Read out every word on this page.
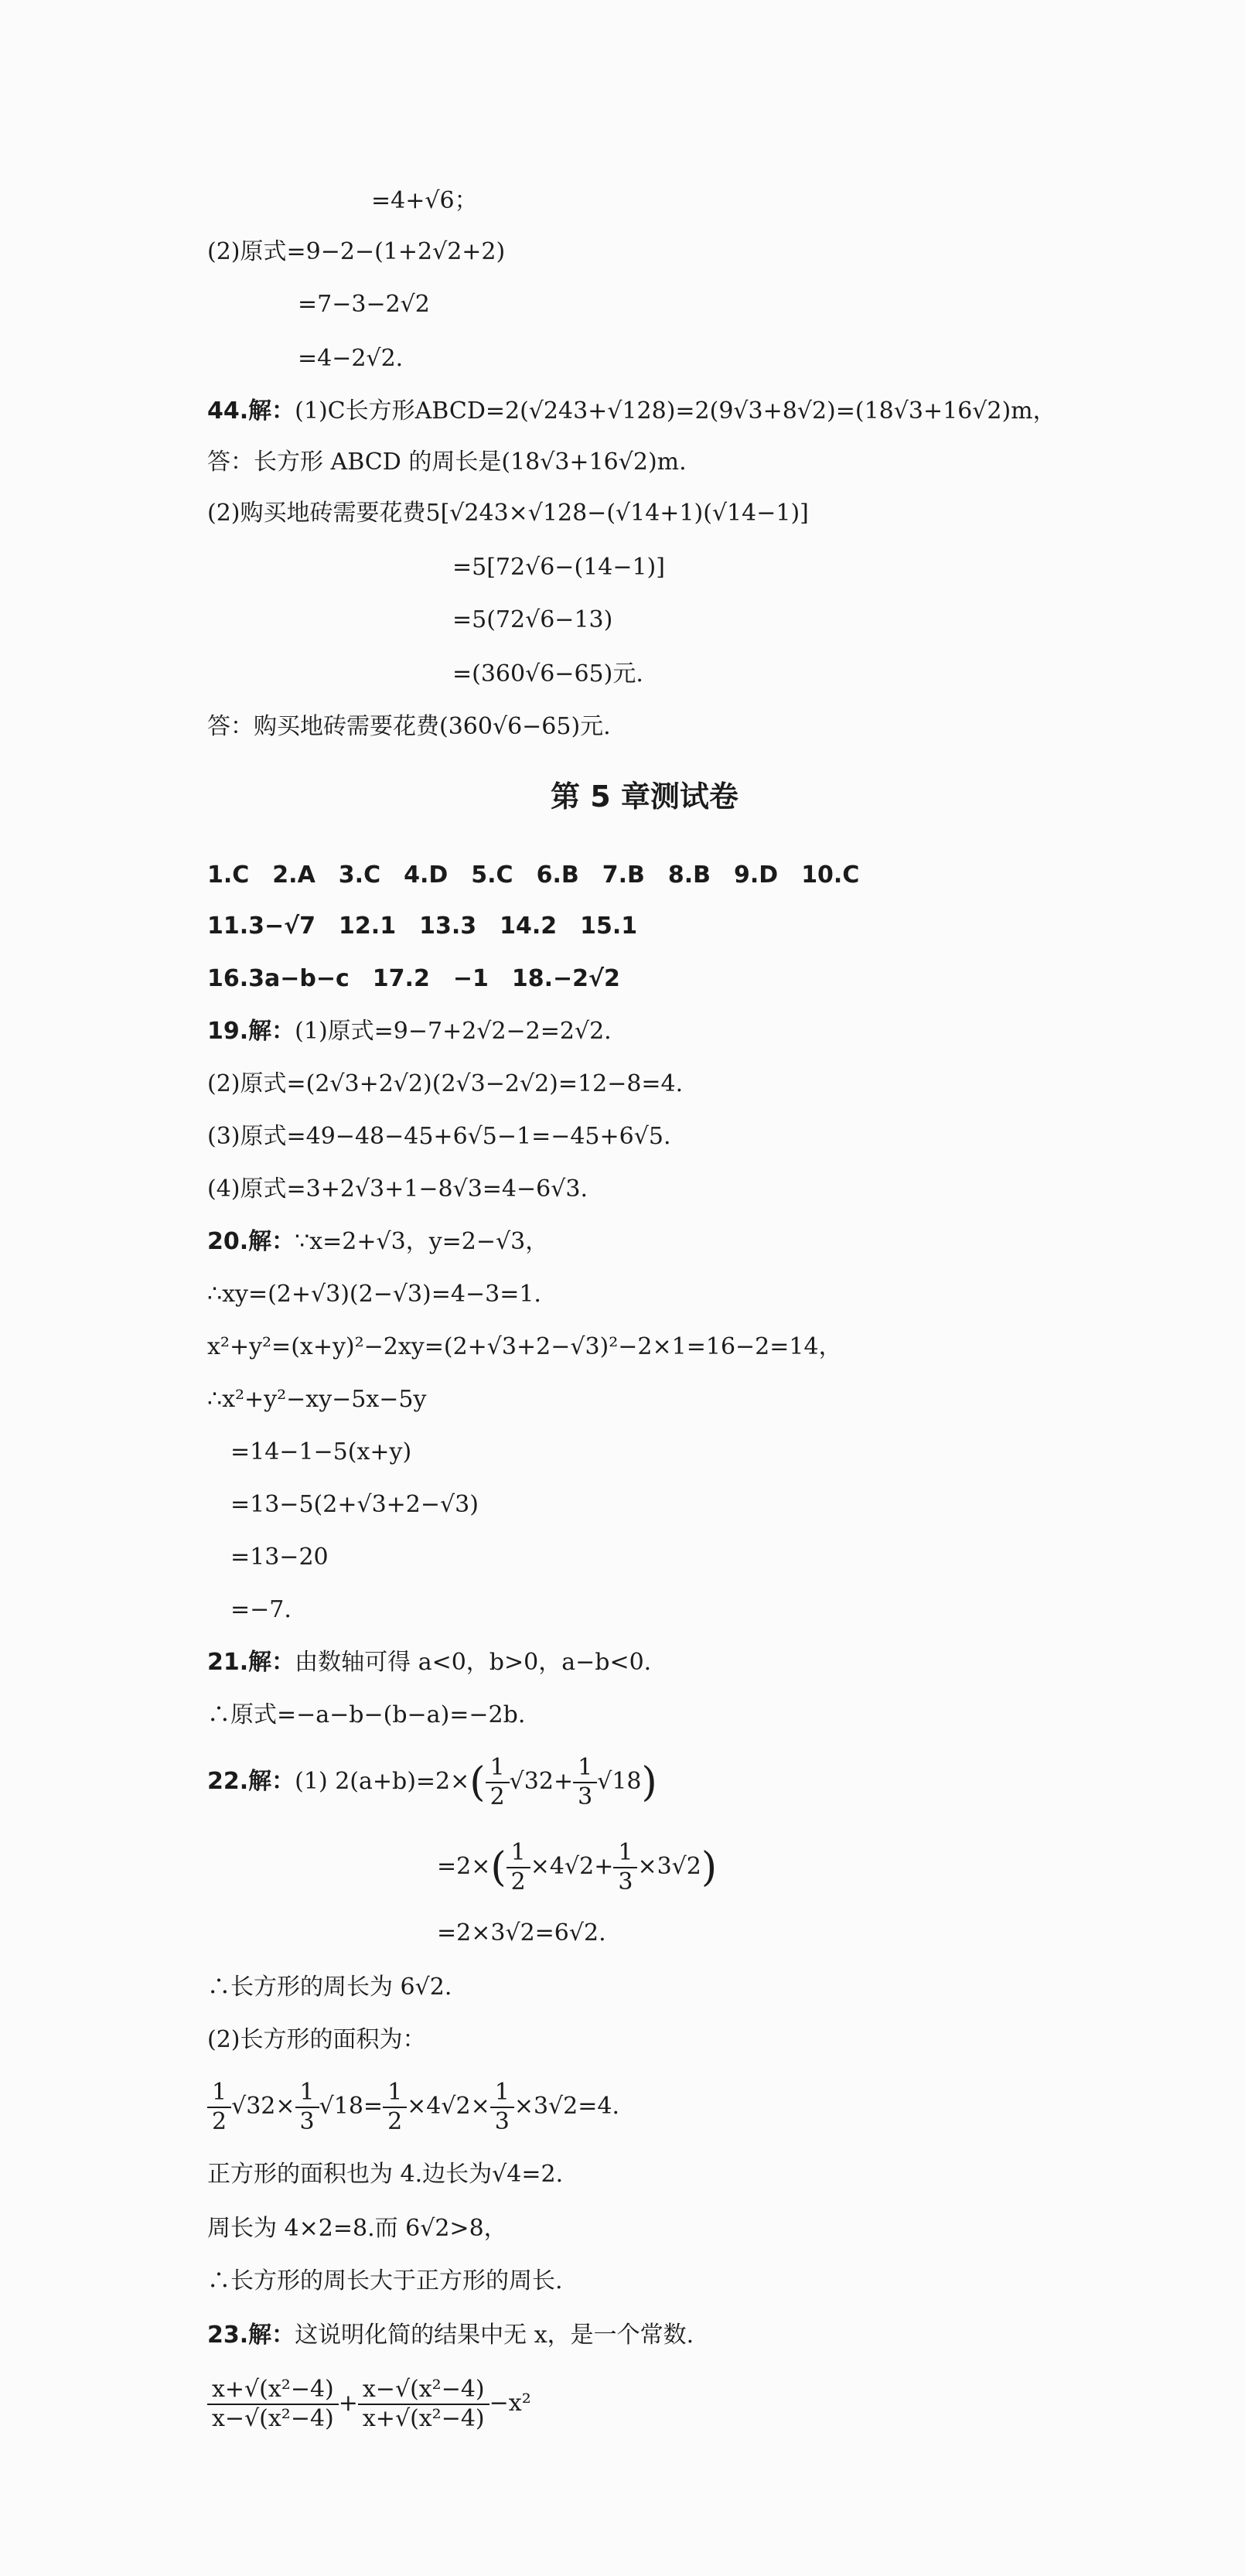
=4+√6；
(2)原式=9−2−(1+2√2+2)
=7−3−2√2
=4−2√2.
44.解：(1)C长方形ABCD=2(√243+√128)=2(9√3+8√2)=(18√3+16√2)m，
答：长方形 ABCD 的周长是(18√3+16√2)m.
(2)购买地砖需要花费5[√243×√128−(√14+1)(√14−1)]
=5[72√6−(14−1)]
=5(72√6−13)
=(360√6−65)元.
答：购买地砖需要花费(360√6−65)元.
第 5 章测试卷
1.C 2.A 3.C 4.D 5.C 6.B 7.B 8.B 9.D 10.C
11.3−√7 12.1 13.3 14.2 15.1
16.3a−b−c 17.2　−1 18.−2√2
19.解：(1)原式=9−7+2√2−2=2√2.
(2)原式=(2√3+2√2)(2√3−2√2)=12−8=4.
(3)原式=49−48−45+6√5−1=−45+6√5.
(4)原式=3+2√3+1−8√3=4−6√3.
20.解：∵x=2+√3，y=2−√3，
∴xy=(2+√3)(2−√3)=4−3=1.
x²+y²=(x+y)²−2xy=(2+√3+2−√3)²−2×1=16−2=14，
∴x²+y²−xy−5x−5y
=14−1−5(x+y)
=13−5(2+√3+2−√3)
=13−20
=−7.
21.解：由数轴可得 a<0，b>0，a−b<0.
∴原式=−a−b−(b−a)=−2b.
22.解：(1) $2(a+b)=2\times( \frac{1}{2} √32+ \frac{1}{3} √18)$
$=2\times( \frac{1}{2} \times 4√2+ \frac{1}{3} \times 3√2)$
=2×3√2=6√2.
∴长方形的周长为 6√2.
(2)长方形的面积为：
$\frac{1}{2} √32\times \frac{1}{3} √18= \frac{1}{2} \times 4√2\times \frac{1}{3} \times 3√2=4$.
正方形的面积也为 4.边长为√4=2.
周长为 4×2=8.而 6√2>8，
∴长方形的周长大于正方形的周长.
23.解：这说明化简的结果中无 x，是一个常数.
$\frac{\text{x+√(x²−4)}}{\text{x−√(x²−4)}} + \frac{\text{x−√(x²−4)}}{\text{x+√(x²−4)}} -x^2$
